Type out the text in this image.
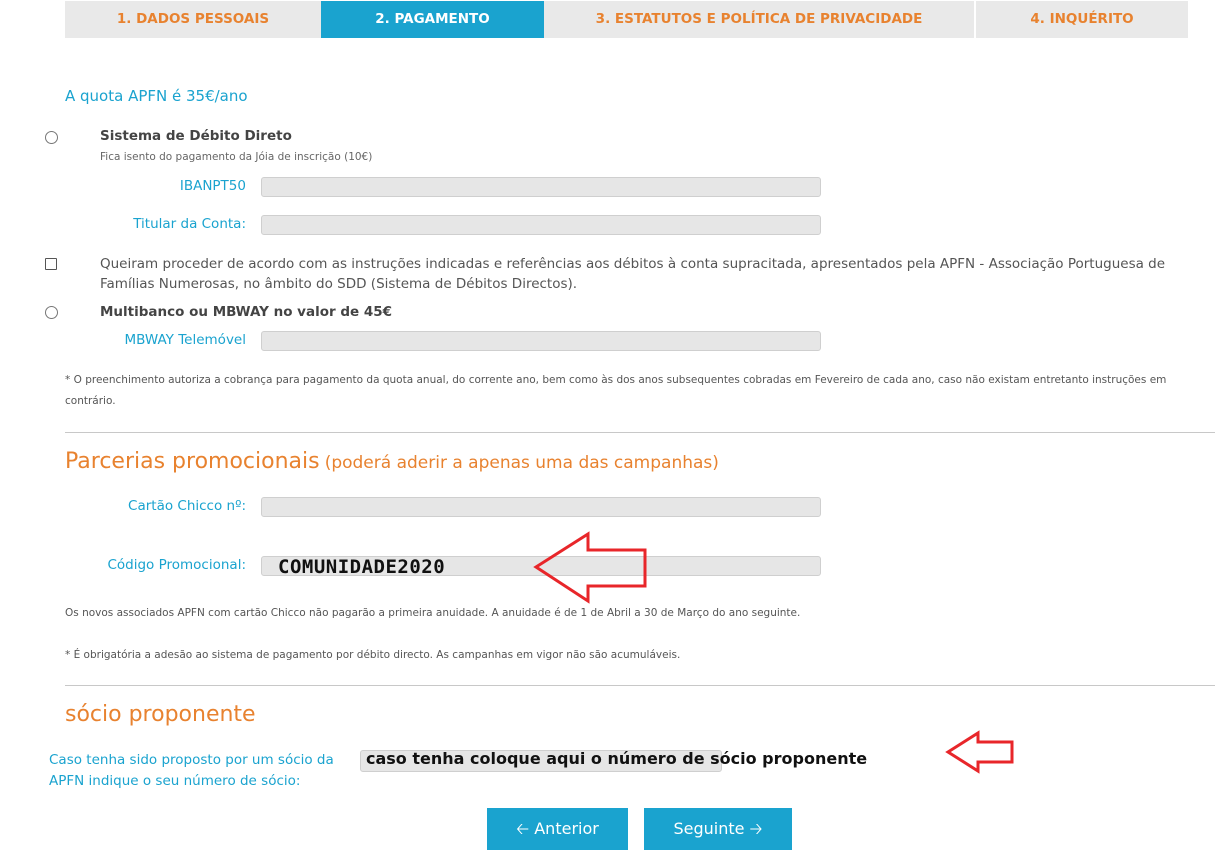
1. DADOS PESSOAIS	2. PAGAMENTO	3. ESTATUTOS E POLÍTICA DE PRIVACIDADE	4. INQUÉRITO
A quota APFN é 35€/ano
Sistema de Débito Direto
Fica isento do pagamento da Jóia de inscrição (10€)
IBANPT50
Titular da Conta:
Queiram proceder de acordo com as instruções indicadas e referências aos débitos à conta supracitada, apresentados pela APFN - Associação Portuguesa de Famílias Numerosas, no âmbito do SDD (Sistema de Débitos Directos).
Multibanco ou MBWAY no valor de 45€
MBWAY Telemóvel
* O preenchimento autoriza a cobrança para pagamento da quota anual, do corrente ano, bem como às dos anos subsequentes cobradas em Fevereiro de cada ano, caso não existam entretanto instruções em contrário.
Parcerias promocionais (poderá aderir a apenas uma das campanhas)
Cartão Chicco nº:
Código Promocional: COMUNIDADE2020
Os novos associados APFN com cartão Chicco não pagarão a primeira anuidade. A anuidade é de 1 de Abril a 30 de Março do ano seguinte.
* É obrigatória a adesão ao sistema de pagamento por débito directo. As campanhas em vigor não são acumuláveis.
sócio proponente
Caso tenha sido proposto por um sócio da APFN indique o seu número de sócio:
caso tenha coloque aqui o número de sócio proponente
🡠 Anterior	Seguinte 🡢
